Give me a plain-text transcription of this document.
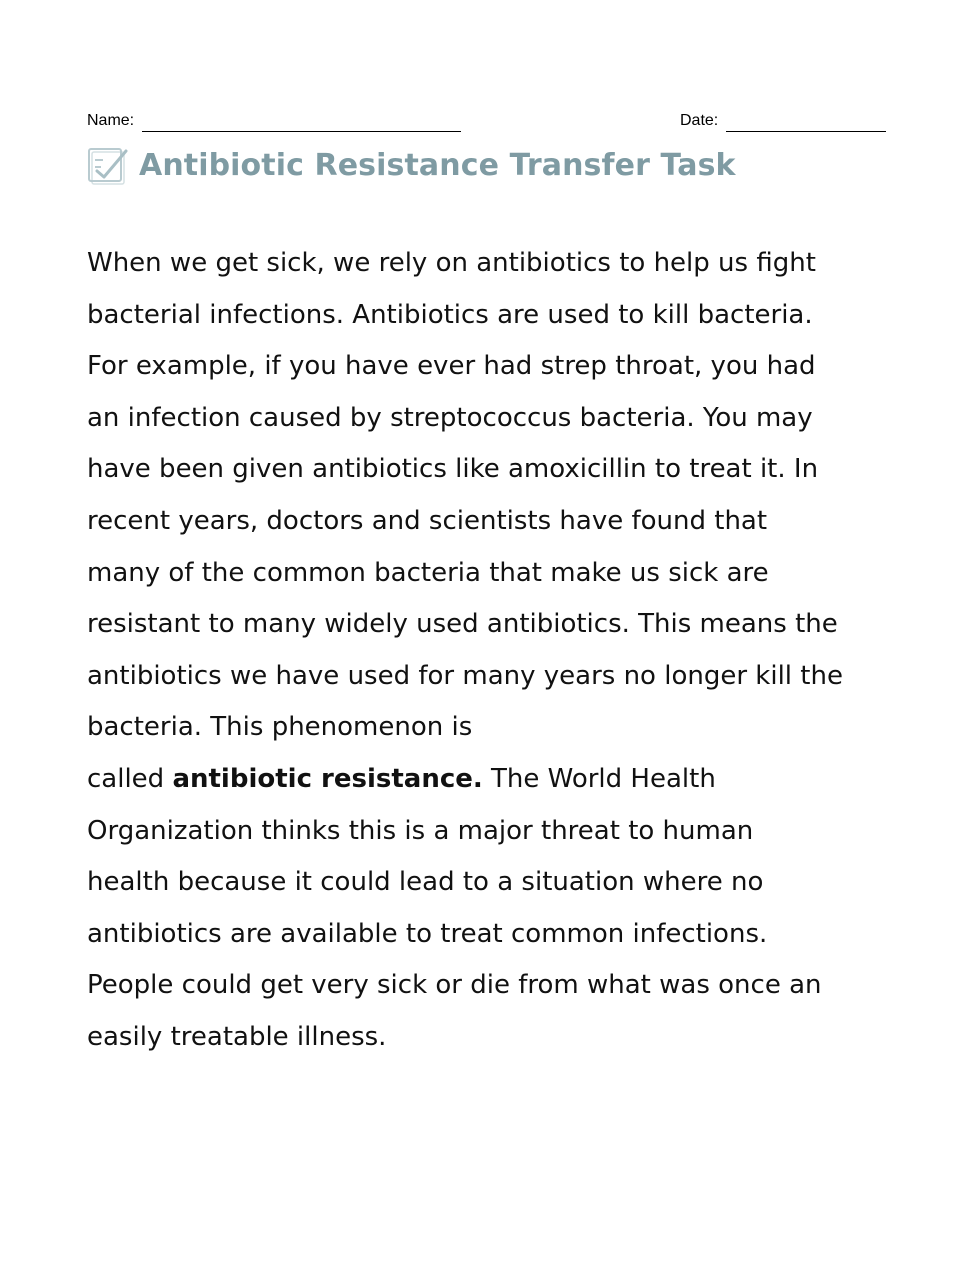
Name:	Date:
Antibiotic Resistance Transfer Task

When we get sick, we rely on antibiotics to help us fight
bacterial infections. Antibiotics are used to kill bacteria.
For example, if you have ever had strep throat, you had
an infection caused by streptococcus bacteria. You may
have been given antibiotics like amoxicillin to treat it. In
recent years, doctors and scientists have found that
many of the common bacteria that make us sick are
resistant to many widely used antibiotics. This means the
antibiotics we have used for many years no longer kill the
bacteria. This phenomenon is
called antibiotic resistance. The World Health
Organization thinks this is a major threat to human
health because it could lead to a situation where no
antibiotics are available to treat common infections.
People could get very sick or die from what was once an
easily treatable illness.
